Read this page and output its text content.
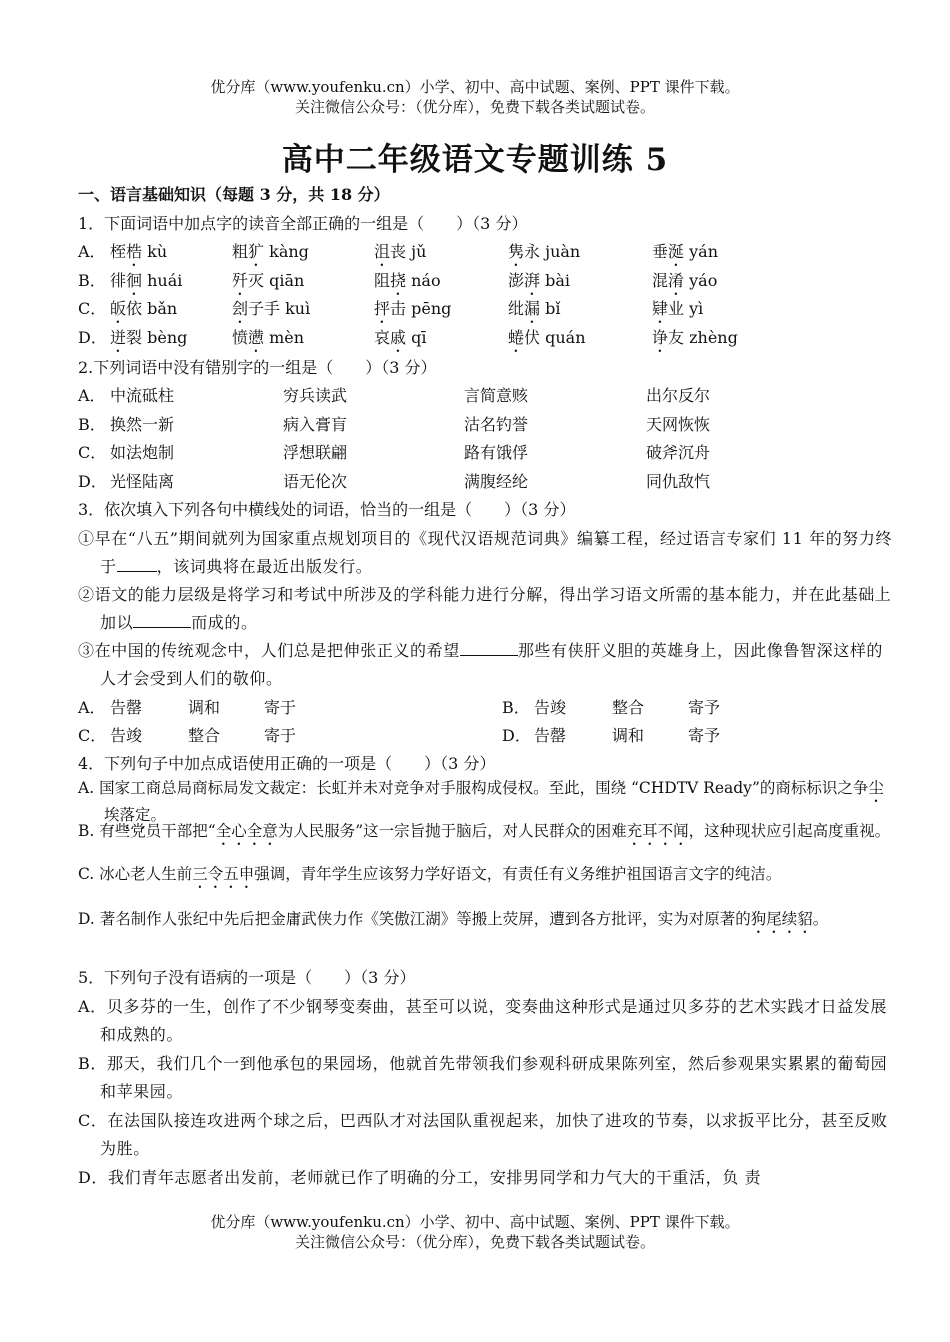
优分库（www.youfenku.cn）小学、初中、高中试题、案例、PPT 课件下载。
关注微信公众号：（优分库），免费下载各类试题试卷。
高中二年级语文专题训练 5
一、语言基础知识（每题 3 分，共 18 分）
1．下面词语中加点字的读音全部正确的一组是（　　）（3 分）
A． 桎梏 kù	粗犷 kàng	沮丧 jǔ	隽永 juàn	垂涎 yán
B． 徘徊 huái	歼灭 qiān	阻挠 náo	澎湃 bài	混淆 yáo
C． 皈依 bǎn	刽子手 kuì	抨击 pēng	纰漏 bǐ	肄业 yì
D． 迸裂 bèng	愤懑 mèn	哀戚 qī	蜷伏 quán	诤友 zhèng
2.下列词语中没有错别字的一组是（　　）（3 分）
A． 中流砥柱	穷兵读武	言简意赅	出尔反尔
B． 换然一新	病入膏肓	沽名钓誉	天网恢恢
C． 如法炮制	浮想联翩	路有饿俘	破斧沉舟
D． 光怪陆离	语无伦次	满腹经纶	同仇敌忾
3．依次填入下列各句中横线处的词语，恰当的一组是（　　）（3 分）
①早在“八五”期间就列为国家重点规划项目的《现代汉语规范词典》编纂工程，经过语言专家们 11 年的努力终于	，该词典将在最近出版发行。
②语文的能力层级是将学习和考试中所涉及的学科能力进行分解，得出学习语文所需的基本能力，并在此基础上加以	而成的。
③在中国的传统观念中，人们总是把伸张正义的希望	那些有侠肝义胆的英雄身上，因此像鲁智深这样的人才会受到人们的敬仰。
A． 告罄	调和	寄于	B． 告竣	整合	寄予
C． 告竣	整合	寄于	D． 告罄	调和	寄予
4．下列句子中加点成语使用正确的一项是（　　）（3 分）
A. 国家工商总局商标局发文裁定：长虹并未对竞争对手服构成侵权。至此，围绕 “CHDTV Ready”的商标标识之争尘埃落定。
B. 有些党员干部把“全心全意为人民服务”这一宗旨抛于脑后，对人民群众的困难充耳不闻，这种现状应引起高度重视。
C. 冰心老人生前三令五申强调，青年学生应该努力学好语文，有责任有义务维护祖国语言文字的纯洁。
D. 著名制作人张纪中先后把金庸武侠力作《笑傲江湖》等搬上荧屏，遭到各方批评，实为对原著的狗尾续貂。
5．下列句子没有语病的一项是（　　）（3 分）
A．贝多芬的一生，创作了不少钢琴变奏曲，甚至可以说，变奏曲这种形式是通过贝多芬的艺术实践才日益发展和成熟的。
B．那天，我们几个一到他承包的果园场，他就首先带领我们参观科研成果陈列室，然后参观果实累累的葡萄园和苹果园。
C．在法国队接连攻进两个球之后，巴西队才对法国队重视起来，加快了进攻的节奏，以求扳平比分，甚至反败为胜。
D．我们青年志愿者出发前，老师就已作了明确的分工，安排男同学和力气大的干重活，负 责
优分库（www.youfenku.cn）小学、初中、高中试题、案例、PPT 课件下载。
关注微信公众号：（优分库），免费下载各类试题试卷。
